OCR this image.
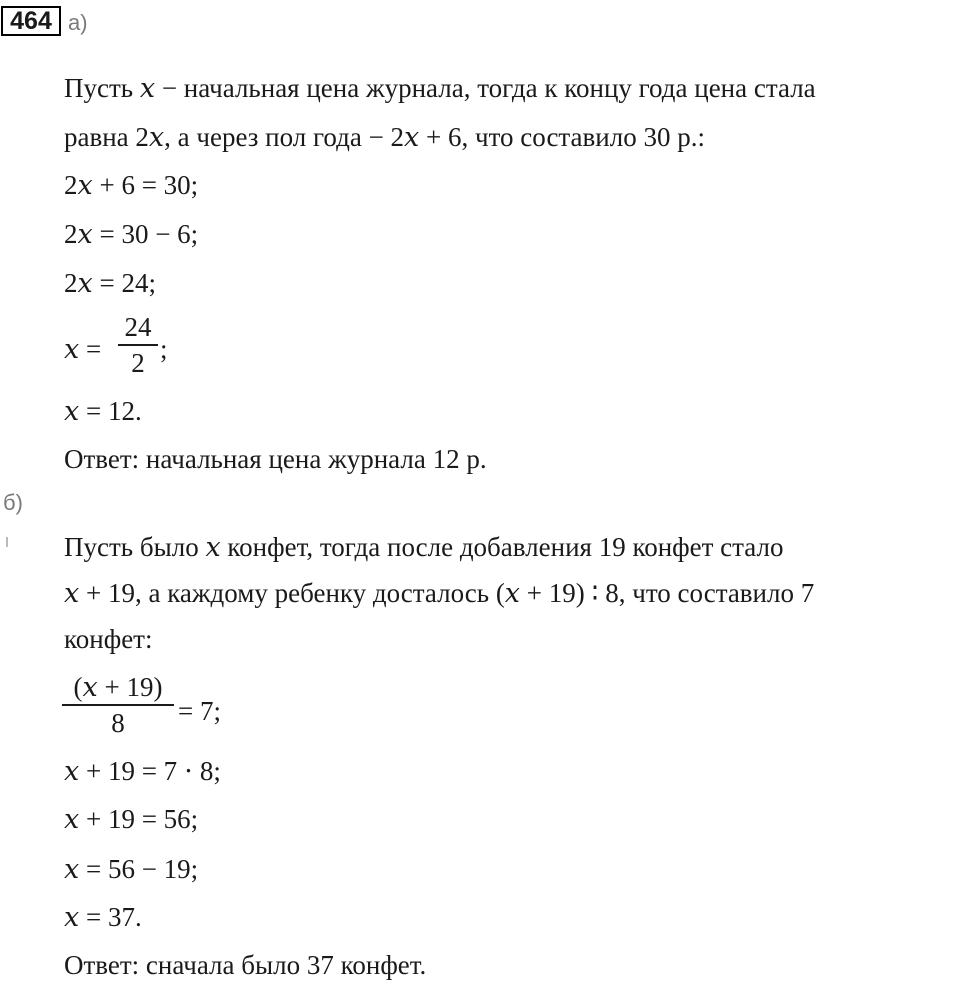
464 а)
Пусть 𝑥 − начальная цена журнала, тогда к концу года цена стала
равна 2𝑥, а через пол года − 2𝑥 + 6, что составило 30 р.:
2𝑥 + 6 = 30;
2𝑥 = 30 − 6;
2𝑥 = 24;
𝑥 =
24
2 ;
𝑥 = 12.
Ответ: начальная цена журнала 12 р.
б)
Пусть было 𝑥 конфет, тогда после добавления 19 конфет стало
𝑥 + 19, а каждому ребенку досталось (𝑥 + 19) ∶ 8, что составило 7
конфет:
(𝑥 + 19)
8 = 7;
𝑥 + 19 = 7 ⋅ 8;
𝑥 + 19 = 56;
𝑥 = 56 − 19;
𝑥 = 37.
Ответ: сначала было 37 конфет.
